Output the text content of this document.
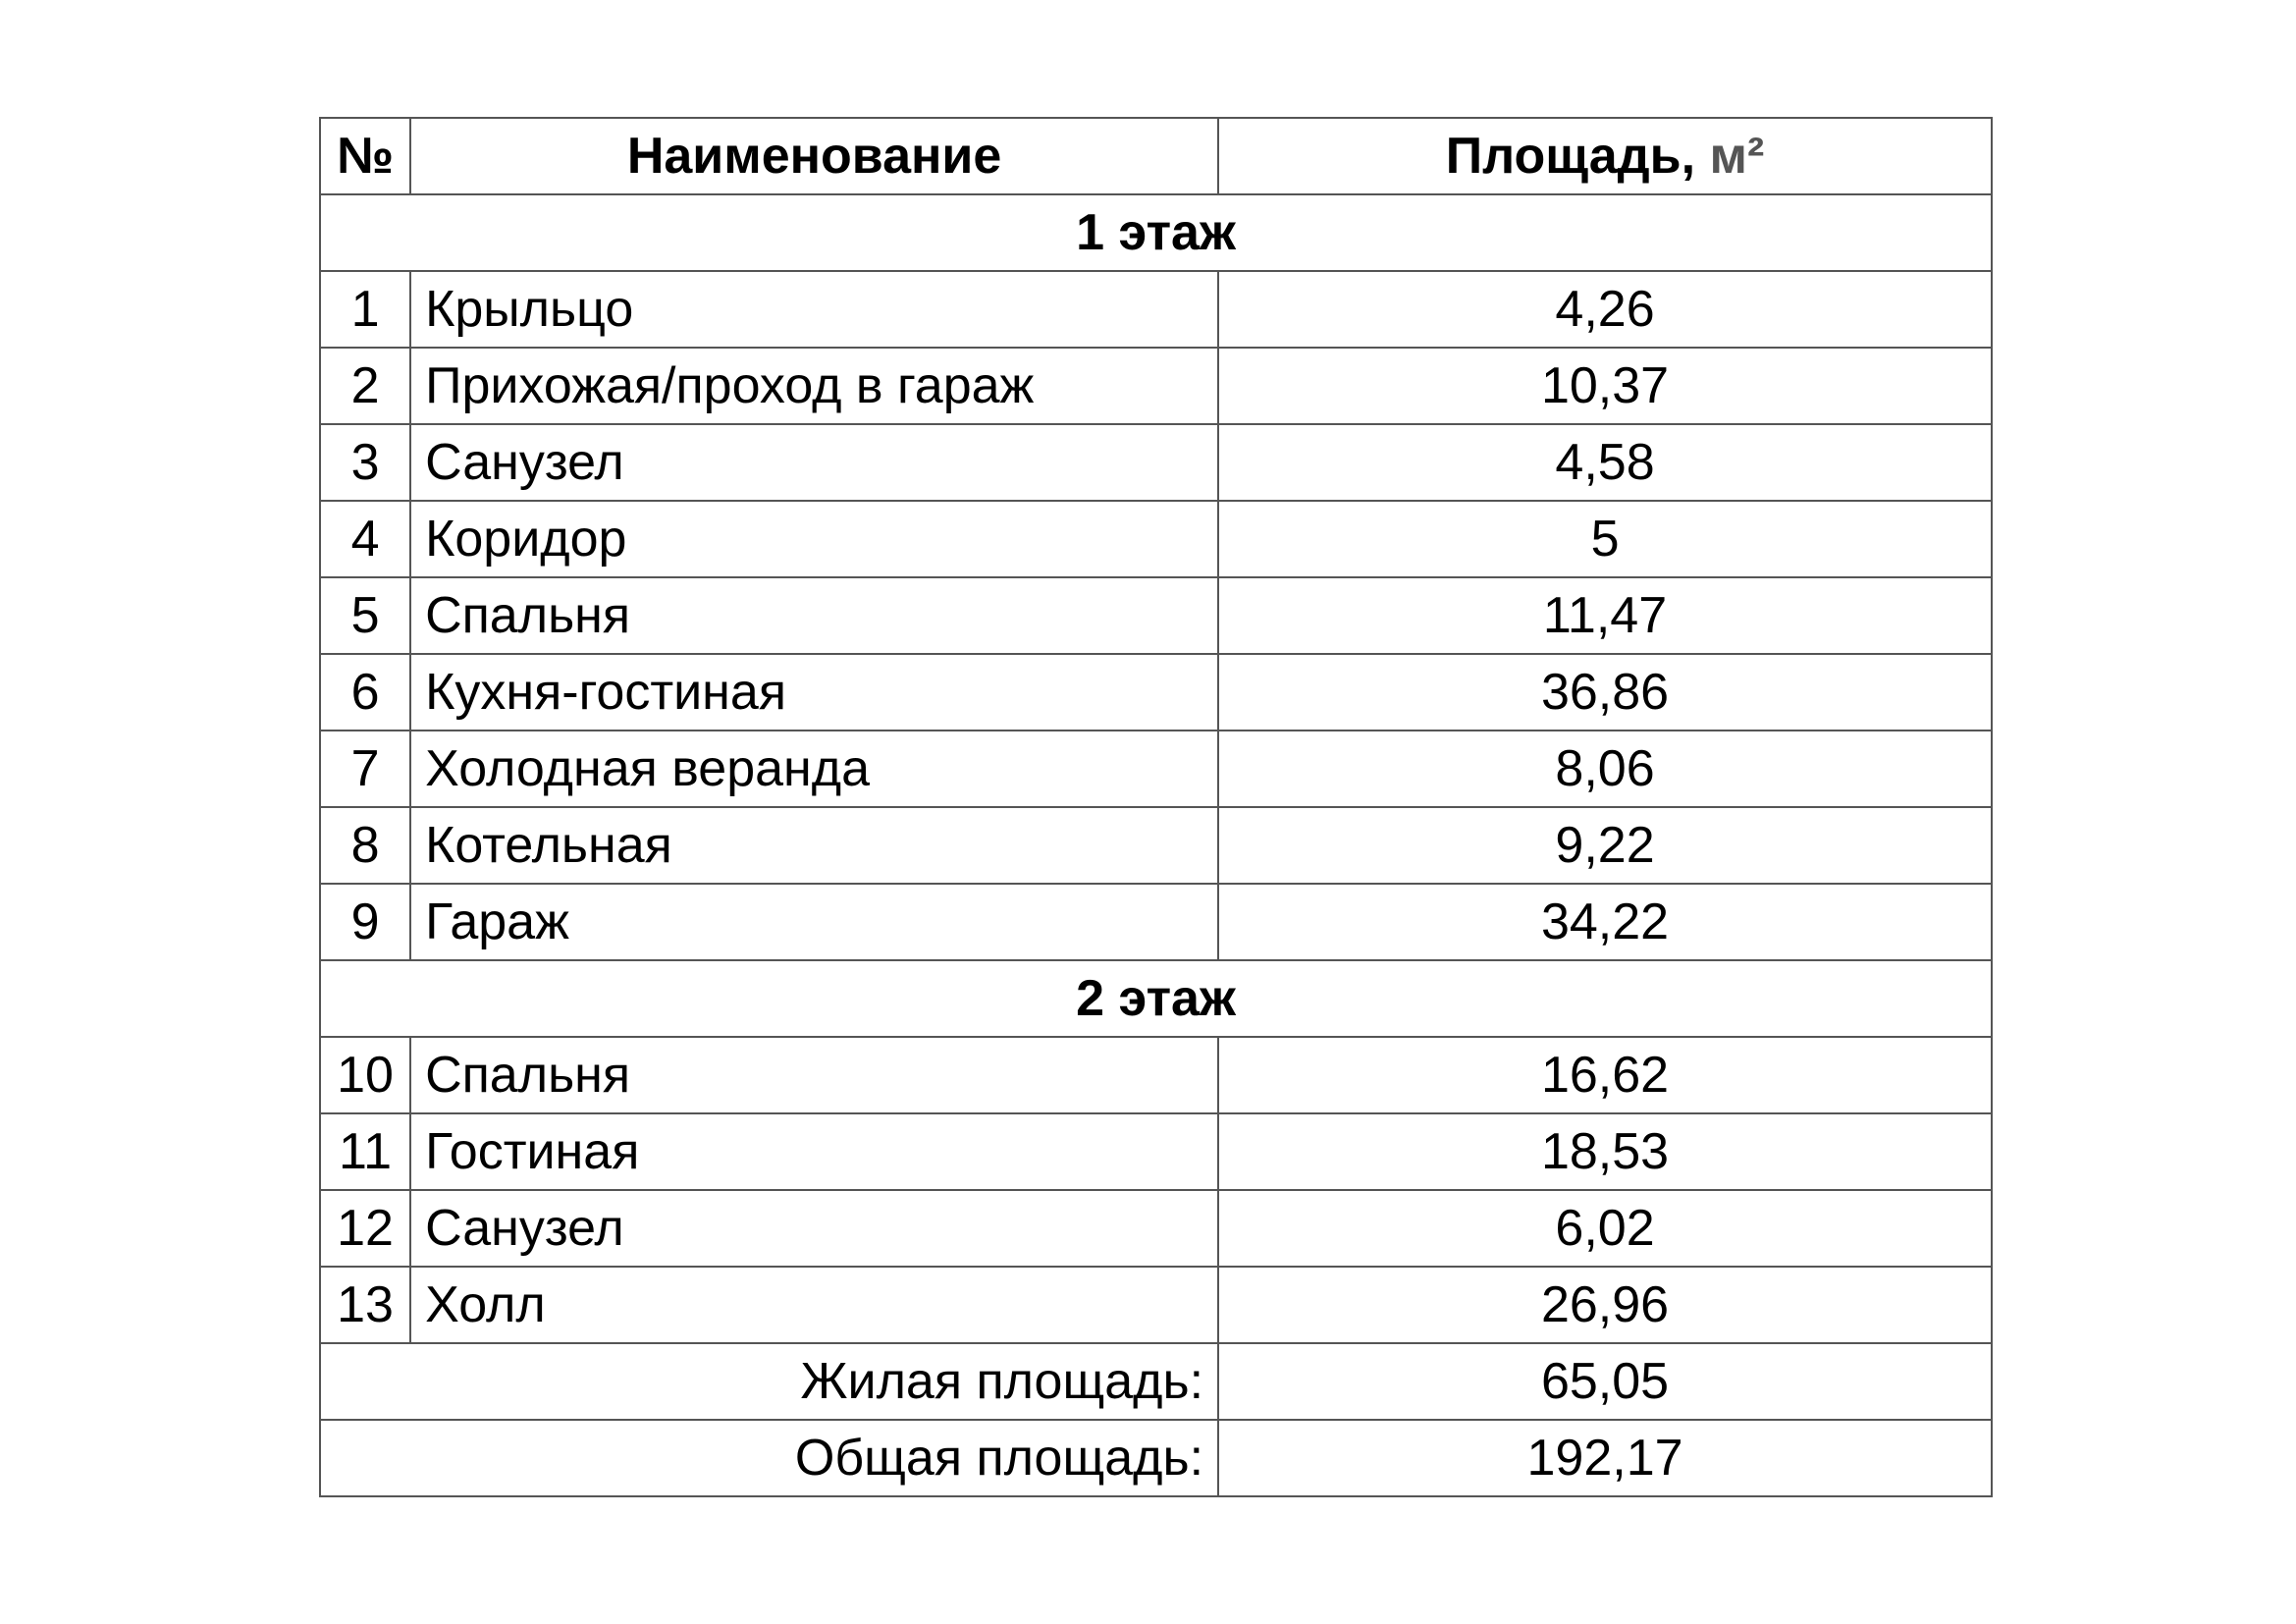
№	Наименование	Площадь, м²
1 этаж		
1	Крыльцо	4,26
2	Прихожая/проход в гараж	10,37
3	Санузел	4,58
4	Коридор	5
5	Спальня	11,47
6	Кухня-гостиная	36,86
7	Холодная веранда	8,06
8	Котельная	9,22
9	Гараж	34,22
2 этаж		
10	Спальня	16,62
11	Гостиная	18,53
12	Санузел	6,02
13	Холл	26,96
Жилая площадь:		65,05
Общая площадь:		192,17
